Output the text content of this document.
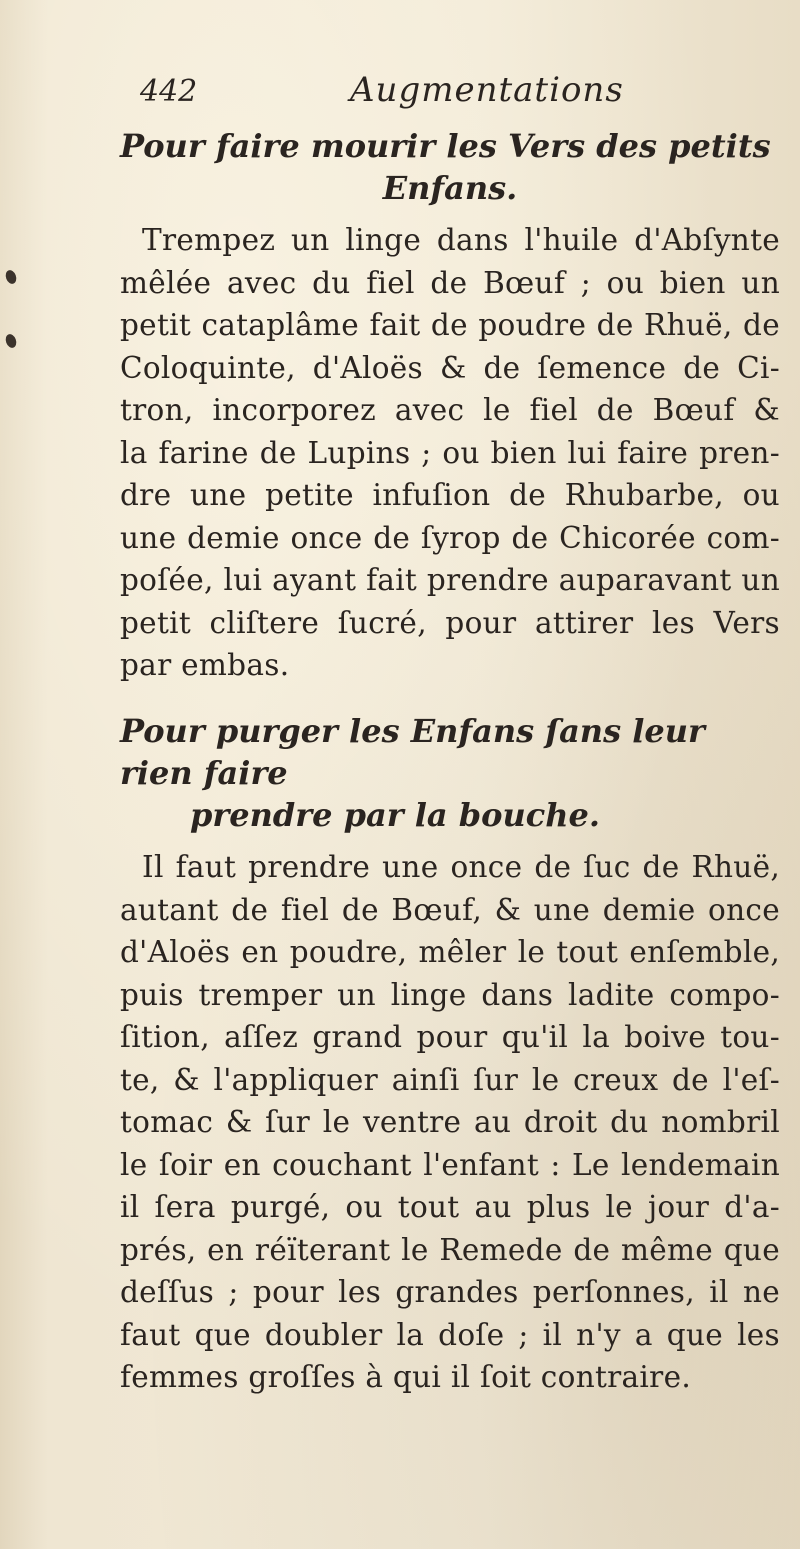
442	Augmentations
Pour faire mourir les Vers des petits
Enfans.
Trempez un linge dans l'huile d'Abſynte
mêlée avec du fiel de Bœuf ; ou bien un
petit cataplâme fait de poudre de Rhuë, de
Coloquinte, d'Aloës & de ſemence de Ci-
tron, incorporez avec le fiel de Bœuf &
la farine de Lupins ; ou bien lui faire pren-
dre une petite infuſion de Rhubarbe, ou
une demie once de ſyrop de Chicorée com-
poſée, lui ayant fait prendre auparavant un
petit cliſtere ſucré, pour attirer les Vers
par embas.
Pour purger les Enfans ſans leur rien faire
prendre par la bouche.
Il faut prendre une once de ſuc de Rhuë,
autant de fiel de Bœuf, & une demie once
d'Aloës en poudre, mêler le tout enſemble,
puis tremper un linge dans ladite compo-
ſition, aſſez grand pour qu'il la boive tou-
te, & l'appliquer ainſi ſur le creux de l'eſ-
tomac & ſur le ventre au droit du nombril
le ſoir en couchant l'enfant : Le lendemain
il ſera purgé, ou tout au plus le jour d'a-
prés, en réïterant le Remede de même que
deſſus ; pour les grandes perſonnes, il ne
faut que doubler la doſe ; il n'y a que les
femmes groſſes à qui il ſoit contraire.
